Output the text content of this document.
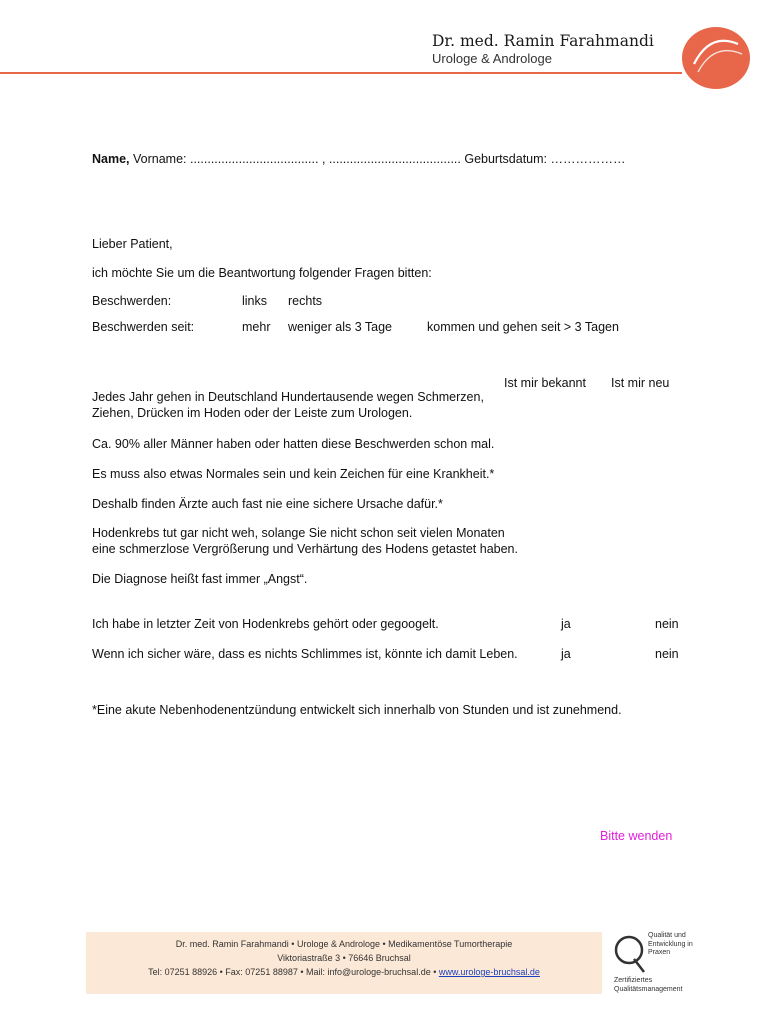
Dr. med. Ramin Farahmandi
Urologe & Androloge
Name, Vorname: ..................................... , ...................................... Geburtsdatum: ………………
Lieber Patient,
ich möchte Sie um die Beantwortung folgender Fragen bitten:
Beschwerden:	links rechts
Beschwerden seit:	mehr weniger als 3 Tage	kommen und gehen seit > 3 Tagen
Ist mir bekannt Ist mir neu
Jedes Jahr gehen in Deutschland Hundertausende wegen Schmerzen,
Ziehen, Drücken im Hoden oder der Leiste zum Urologen.
Ca. 90% aller Männer haben oder hatten diese Beschwerden schon mal.
Es muss also etwas Normales sein und kein Zeichen für eine Krankheit.*
Deshalb finden Ärzte auch fast nie eine sichere Ursache dafür.*
Hodenkrebs tut gar nicht weh, solange Sie nicht schon seit vielen Monaten
eine schmerzlose Vergrößerung und Verhärtung des Hodens getastet haben.
Die Diagnose heißt fast immer „Angst“.
Ich habe in letzter Zeit von Hodenkrebs gehört oder gegoogelt.	ja	nein
Wenn ich sicher wäre, dass es nichts Schlimmes ist, könnte ich damit Leben.	ja	nein
*Eine akute Nebenhodenentzündung entwickelt sich innerhalb von Stunden und ist zunehmend.
Bitte wenden
Dr. med. Ramin Farahmandi • Urologe & Androloge • Medikamentöse Tumortherapie
Viktoriastraße 3 • 76646 Bruchsal
Tel: 07251 88926 • Fax: 07251 88987 • Mail: info@urologe-bruchsal.de • www.urologe-bruchsal.de
Qualität und
Entwicklung in
Praxen
Zertifiziertes
Qualitätsmanagement
